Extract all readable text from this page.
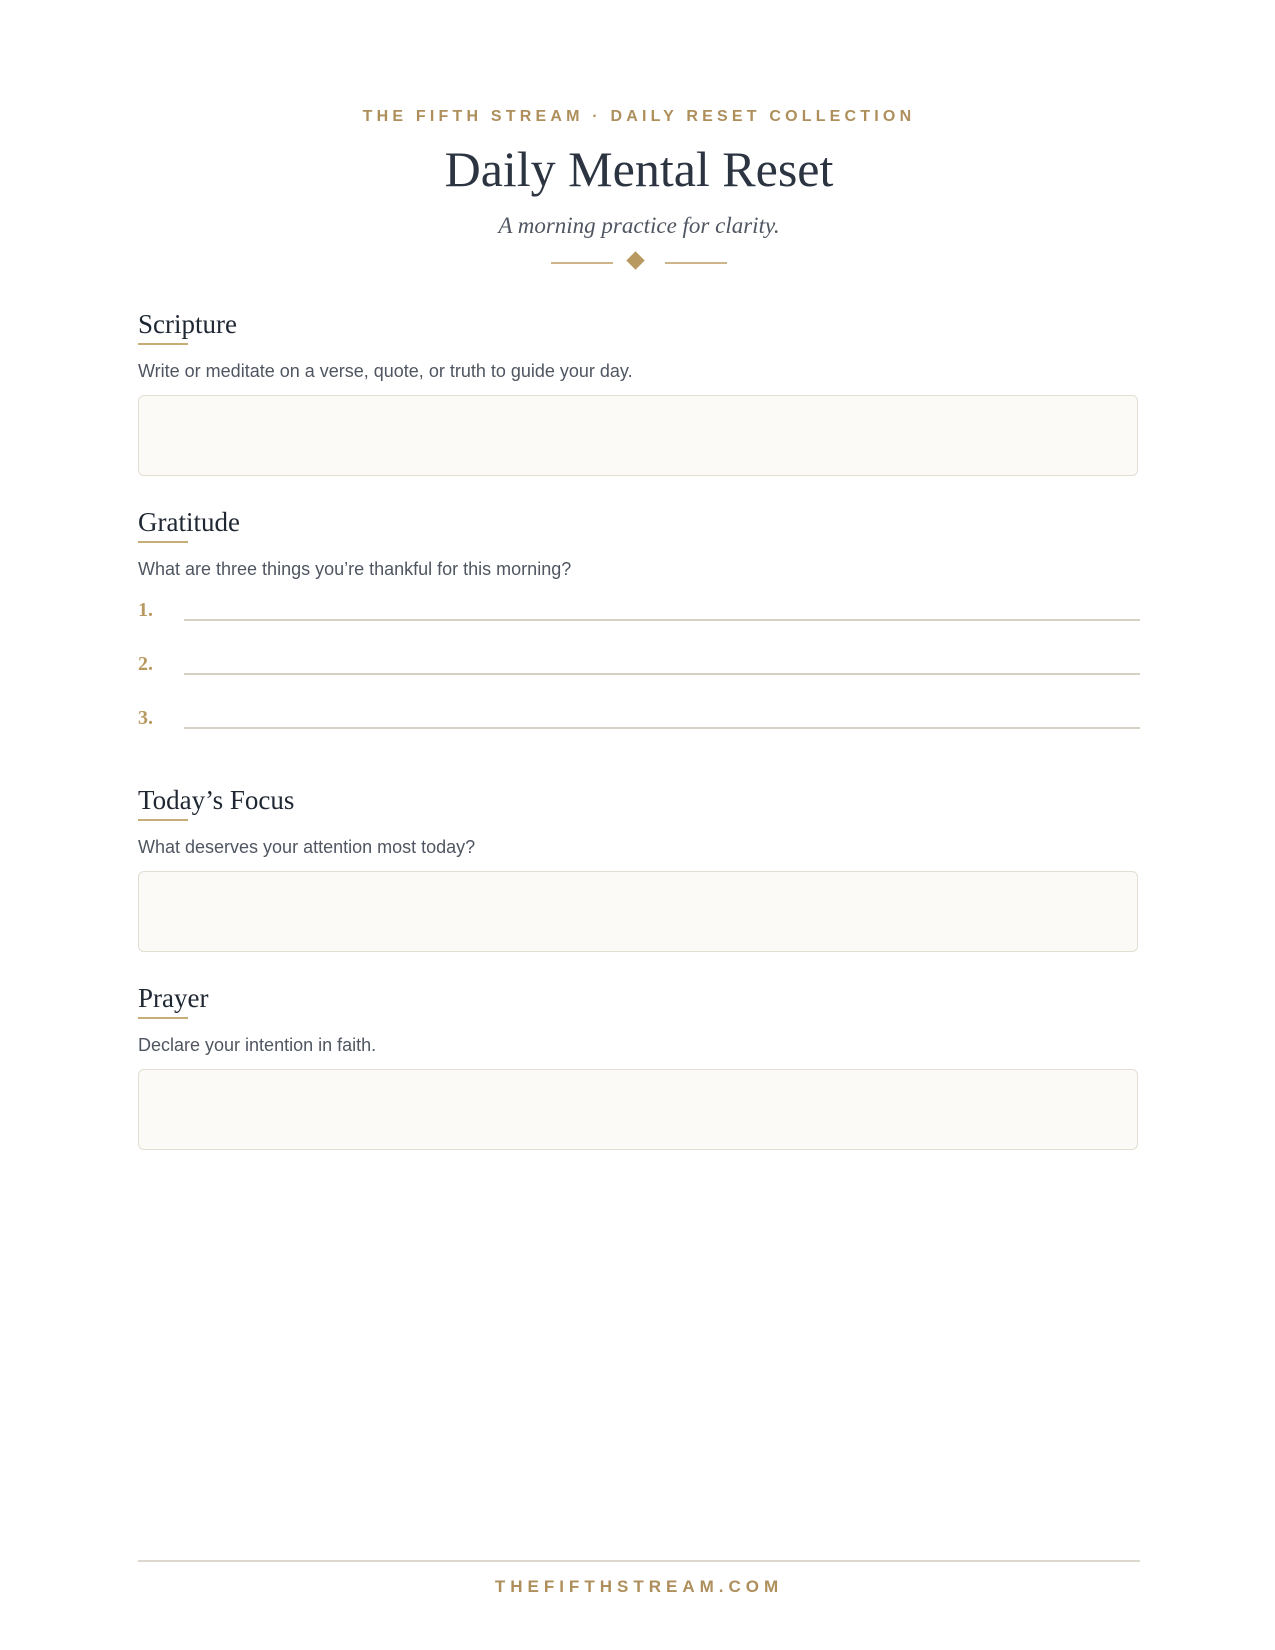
THE FIFTH STREAM · DAILY RESET COLLECTION
Daily Mental Reset
A morning practice for clarity.
Scripture
Write or meditate on a verse, quote, or truth to guide your day.
Gratitude
What are three things you’re thankful for this morning?
1.
2.
3.
Today’s Focus
What deserves your attention most today?
Prayer
Declare your intention in faith.
THEFIFTHSTREAM.COM
